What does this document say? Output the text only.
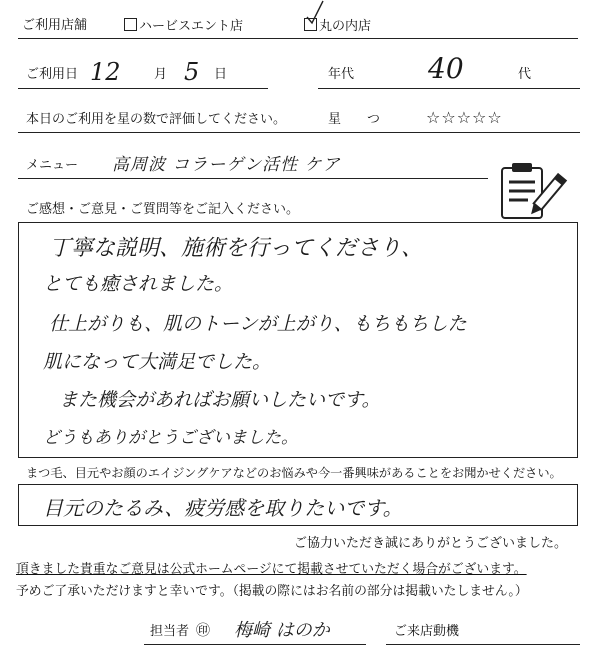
ご利用店舗	ハービスエント店	丸の内店
ご利用日 12	月 5 日	年代	40	代
本日のご利用を星の数で評価してください。	星　　つ	☆☆☆☆☆
メニュー 高周波 コラーゲン活性 ケア
ご感想・ご意見・ご質問等をご記入ください。
丁寧な説明、施術を行ってくださり、
とても癒されました。
仕上がりも、肌のトーンが上がり、もちもちした
肌になって大満足でした。
また機会があればお願いしたいです。
どうもありがとうございました。
まつ毛、目元やお顔のエイジングケアなどのお悩みや今一番興味があることをお聞かせください。
目元のたるみ、疲労感を取りたいです。
ご協力いただき誠にありがとうございました。
頂きました貴重なご意見は公式ホームページにて掲載させていただく場合がございます。
予めご了承いただけますと幸いです。（掲載の際にはお名前の部分は掲載いたしません。）
担当者 ㊞ 梅崎 はのか	ご来店動機
